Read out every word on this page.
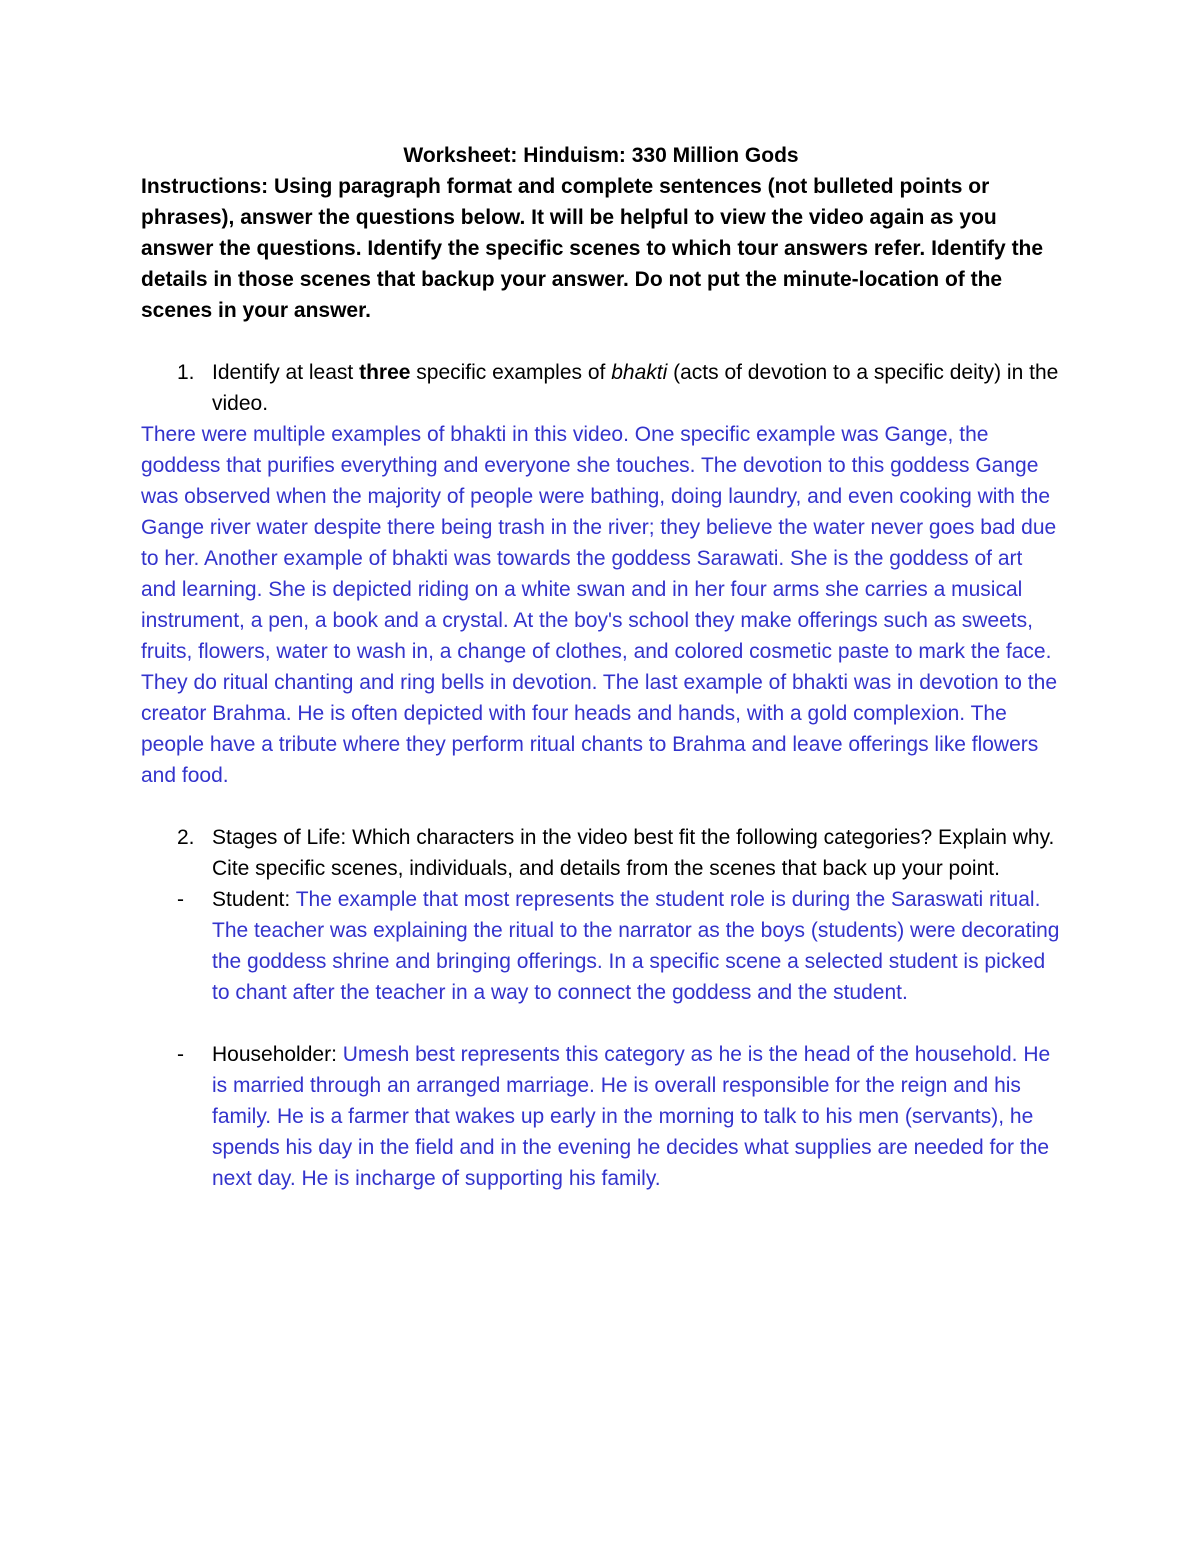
Worksheet: Hinduism: 330 Million Gods

Instructions: Using paragraph format and complete sentences (not bulleted points or phrases), answer the questions below. It will be helpful to view the video again as you answer the questions. Identify the specific scenes to which tour answers refer. Identify the details in those scenes that backup your answer. Do not put the minute-location of the scenes in your answer.

1. Identify at least three specific examples of bhakti (acts of devotion to a specific deity) in the video.

There were multiple examples of bhakti in this video. One specific example was Gange, the goddess that purifies everything and everyone she touches. The devotion to this goddess Gange was observed when the majority of people were bathing, doing laundry, and even cooking with the Gange river water despite there being trash in the river; they believe the water never goes bad due to her. Another example of bhakti was towards the goddess Sarawati. She is the goddess of art and learning. She is depicted riding on a white swan and in her four arms she carries a musical instrument, a pen, a book and a crystal. At the boy's school they make offerings such as sweets, fruits, flowers, water to wash in, a change of clothes, and colored cosmetic paste to mark the face. They do ritual chanting and ring bells in devotion. The last example of bhakti was in devotion to the creator Brahma. He is often depicted with four heads and hands, with a gold complexion. The people have a tribute where they perform ritual chants to Brahma and leave offerings like flowers and food.

2. Stages of Life: Which characters in the video best fit the following categories? Explain why. Cite specific scenes, individuals, and details from the scenes that back up your point.
- Student: The example that most represents the student role is during the Saraswati ritual. The teacher was explaining the ritual to the narrator as the boys (students) were decorating the goddess shrine and bringing offerings. In a specific scene a selected student is picked to chant after the teacher in a way to connect the goddess and the student.
- Householder: Umesh best represents this category as he is the head of the household. He is married through an arranged marriage. He is overall responsible for the reign and his family. He is a farmer that wakes up early in the morning to talk to his men (servants), he spends his day in the field and in the evening he decides what supplies are needed for the next day. He is incharge of supporting his family.
